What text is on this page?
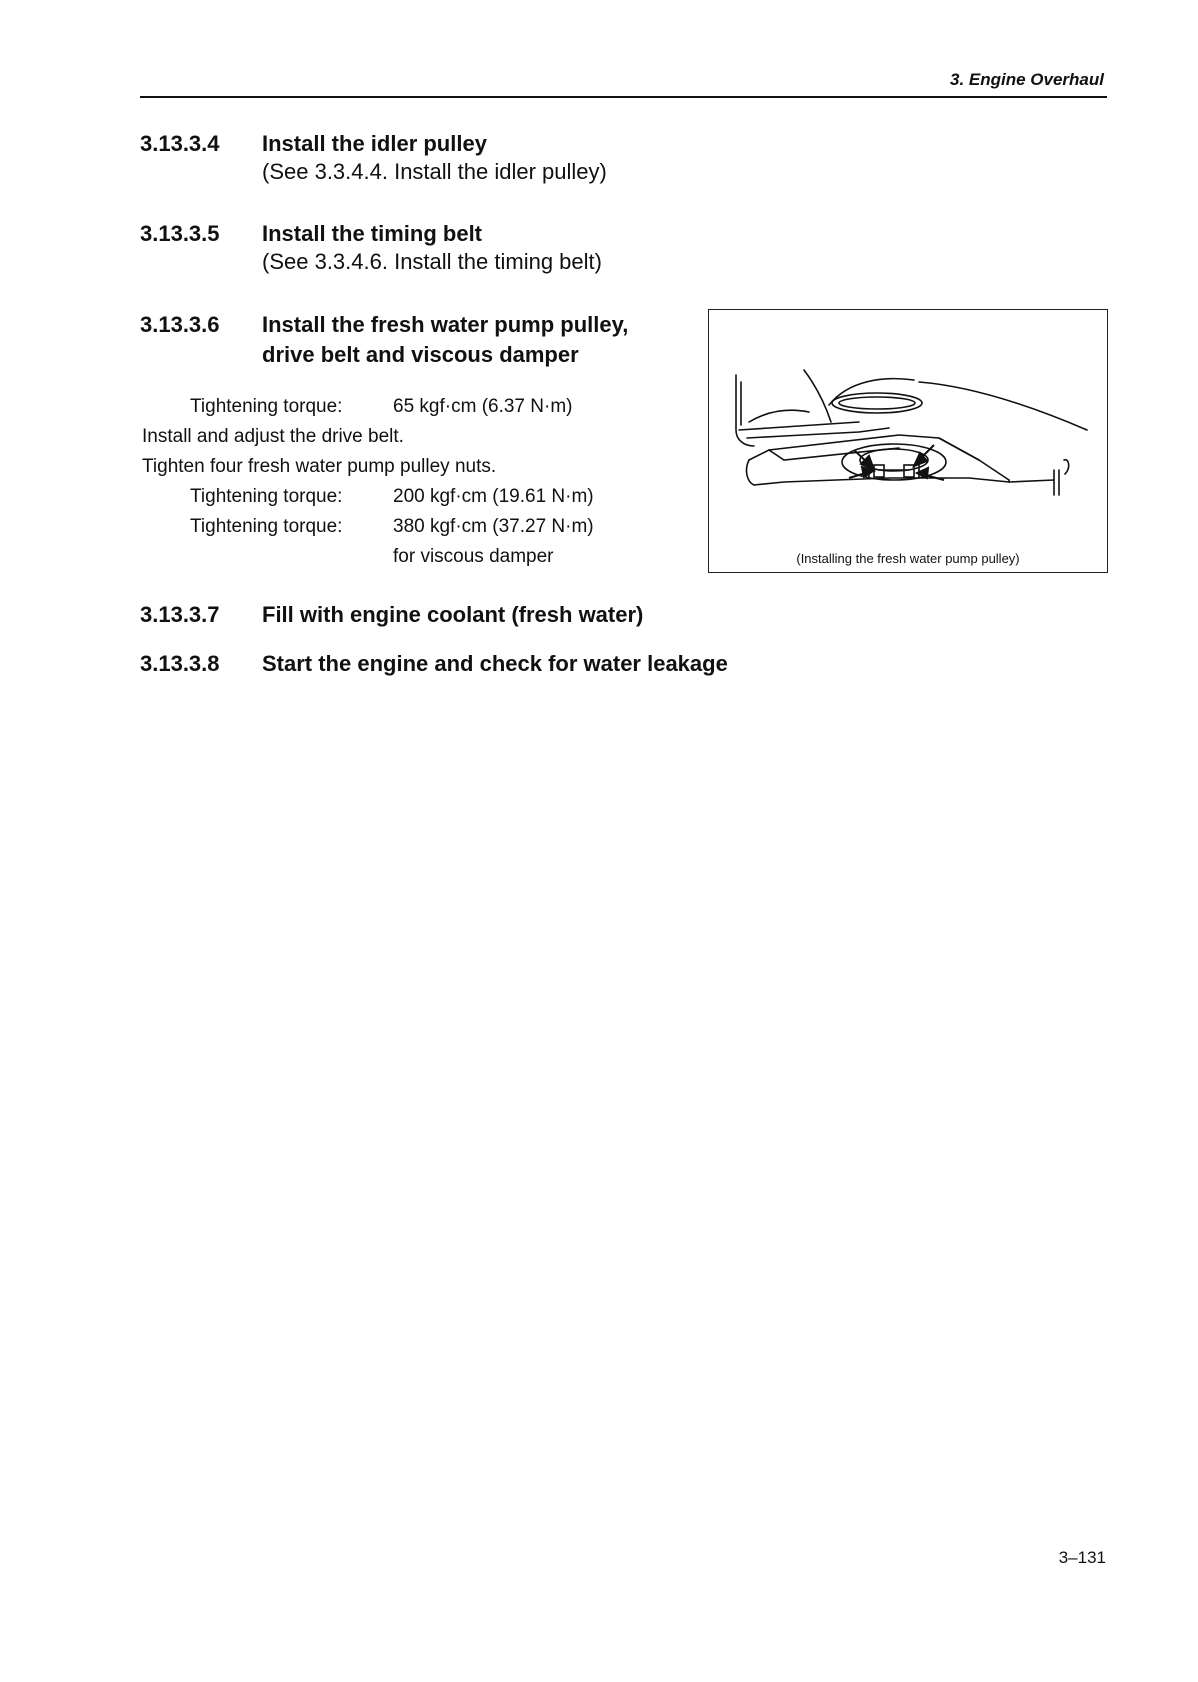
3. Engine Overhaul
3.13.3.4 Install the idler pulley
(See 3.3.4.4. Install the idler pulley)
3.13.3.5 Install the timing belt
(See 3.3.4.6. Install the timing belt)
3.13.3.6 Install the fresh water pump pulley,
drive belt and viscous damper
Tightening torque:	65 kgf·cm (6.37 N·m)
Install and adjust the drive belt.
Tighten four fresh water pump pulley nuts.
Tightening torque:	200 kgf·cm (19.61 N·m)
Tightening torque:	380 kgf·cm (37.27 N·m)
for viscous damper	(Installing the fresh water pump pulley)
3.13.3.7 Fill with engine coolant (fresh water)
3.13.3.8 Start the engine and check for water leakage
3–131
